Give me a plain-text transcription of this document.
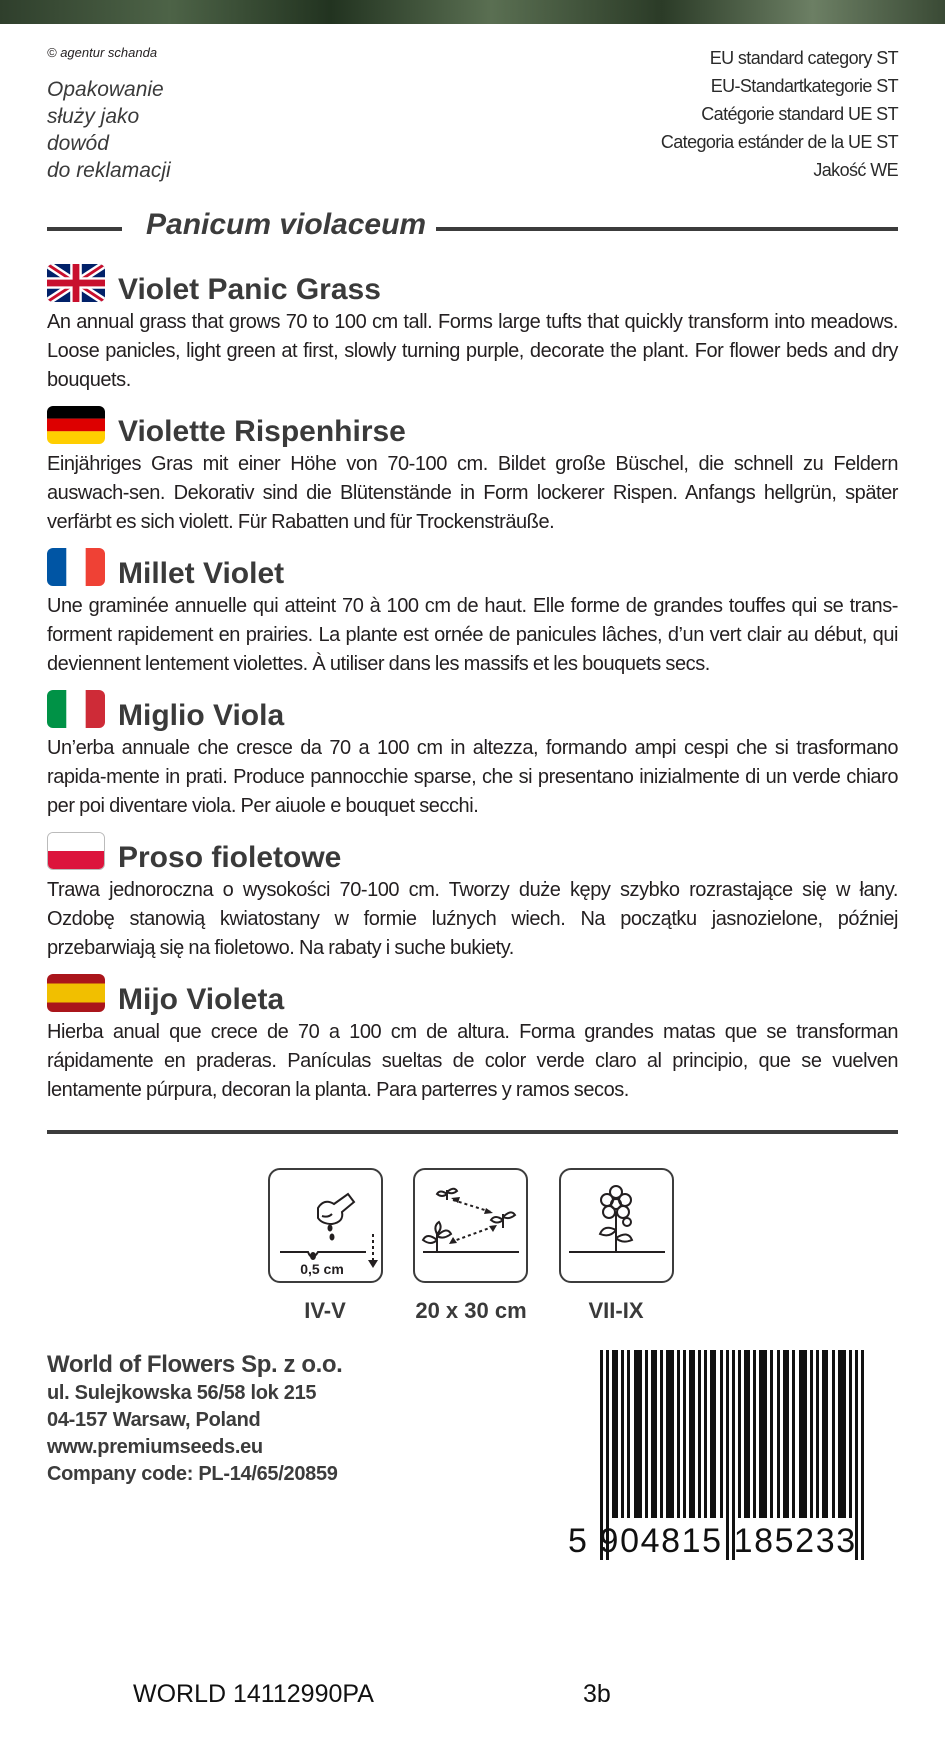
© agentur schanda
Opakowanie
służy jako
dowód
do reklamacji
EU standard category ST
EU-Standartkategorie ST
Catégorie standard UE ST
Categoria estánder de la UE ST
Jakość WE
Panicum violaceum
Violet Panic Grass

An annual grass that grows 70 to 100 cm tall. Forms large tufts that quickly transform into meadows. Loose panicles, light green at first, slowly turning purple, decorate the plant. For flower beds and dry bouquets.

Violette Rispenhirse

Einjähriges Gras mit einer Höhe von 70-100 cm. Bildet große Büschel, die schnell zu Feldern auswach-sen. Dekorativ sind die Blütenstände in Form lockerer Rispen. Anfangs hellgrün, später verfärbt es sich violett. Für Rabatten und für Trockensträuße.

Millet Violet

Une graminée annuelle qui atteint 70 à 100 cm de haut. Elle forme de grandes touffes qui se trans-forment rapidement en prairies. La plante est ornée de panicules lâches, d’un vert clair au début, qui deviennent lentement violettes. À utiliser dans les massifs et les bouquets secs.

Miglio Viola

Un’erba annuale che cresce da 70 a 100 cm in altezza, formando ampi cespi che si trasformano rapida-mente in prati. Produce pannocchie sparse, che si presentano inizialmente di un verde chiaro per poi diventare viola. Per aiuole e bouquet secchi.

Proso fioletowe

Trawa jednoroczna o wysokości 70-100 cm. Tworzy duże kępy szybko rozrastające się w łany. Ozdobę stanowią kwiatostany w formie luźnych wiech. Na początku jasnozielone, później przebarwiają się na fioletowo. Na rabaty i suche bukiety.

Mijo Violeta

Hierba anual que crece de 70 a 100 cm de altura. Forma grandes matas que se transforman rápidamente en praderas. Panículas sueltas de color verde claro al principio, que se vuelven lentamente púrpura, decoran la planta. Para parterres y ramos secos.

0,5 cm
IV-V	20 x 30 cm	VII-IX
World of Flowers Sp. z o.o.
ul. Sulejkowska 56/58 lok 215
04-157 Warsaw, Poland
www.premiumseeds.eu
Company code: PL-14/65/20859
5 904815 185233
WORLD 14112990PA	3b
